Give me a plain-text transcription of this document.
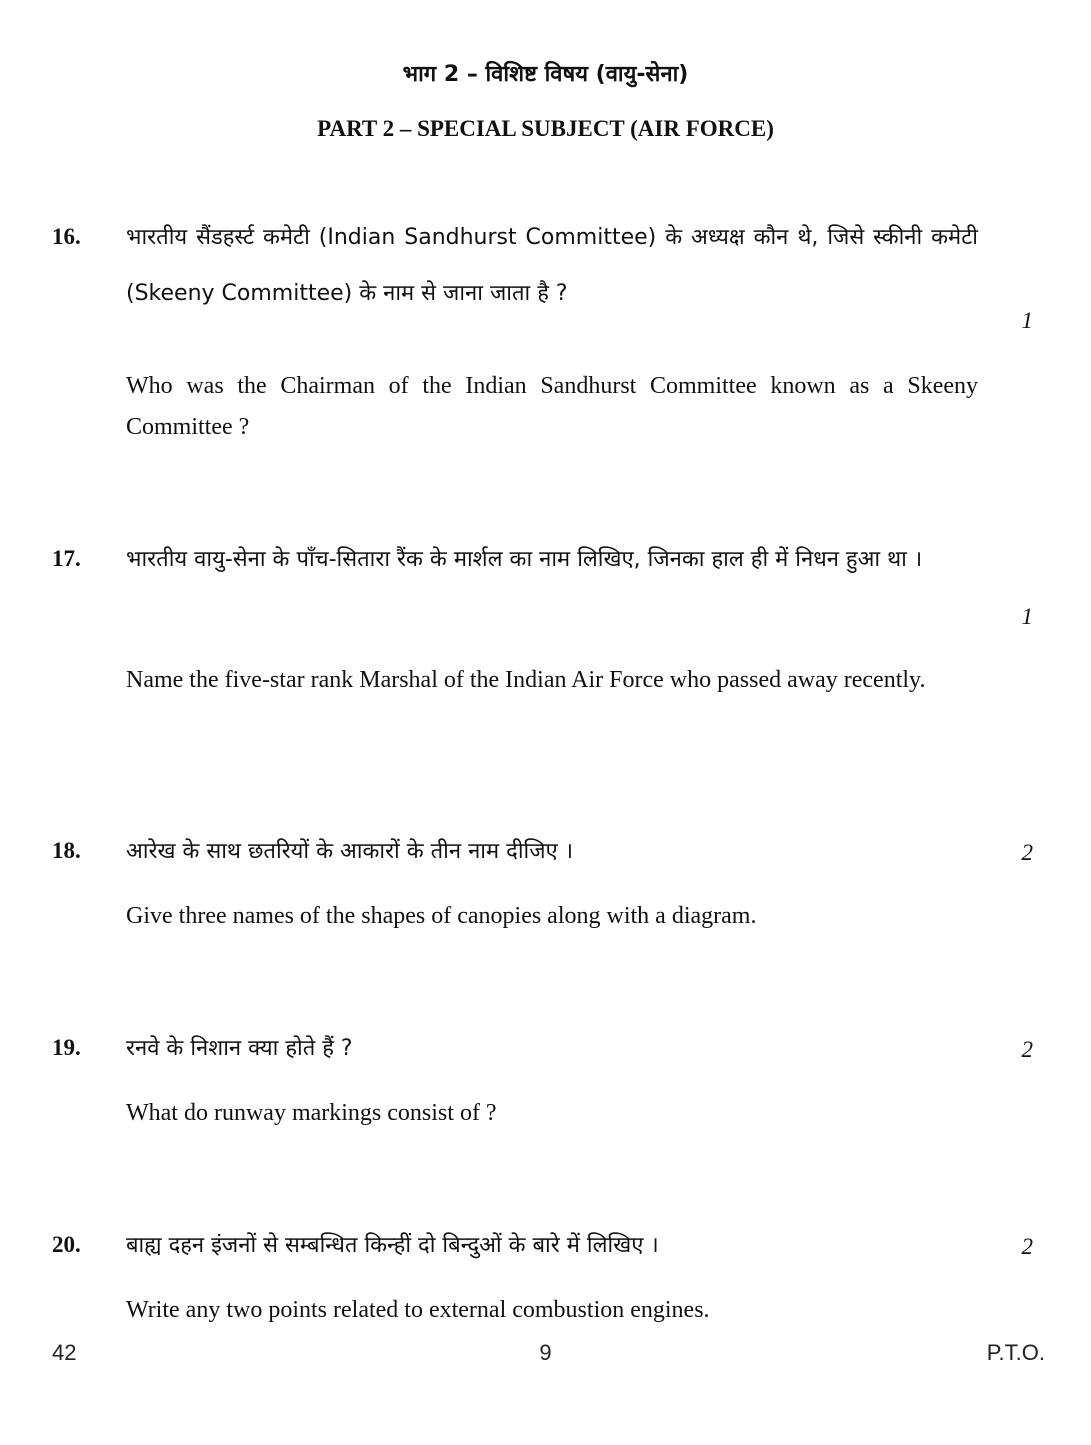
भाग 2 – विशिष्ट विषय (वायु-सेना)
PART 2 – SPECIAL SUBJECT (AIR FORCE)
16. भारतीय सैंडहर्स्ट कमेटी (Indian Sandhurst Committee) के अध्यक्ष कौन थे, जिसे स्कीनी कमेटी (Skeeny Committee) के नाम से जाना जाता है ?
1
Who was the Chairman of the Indian Sandhurst Committee known as a Skeeny Committee ?
17. भारतीय वायु-सेना के पाँच-सितारा रैंक के मार्शल का नाम लिखिए, जिनका हाल ही में निधन हुआ था ।
1
Name the five-star rank Marshal of the Indian Air Force who passed away recently.
18. आरेख के साथ छतरियों के आकारों के तीन नाम दीजिए ।	2
Give three names of the shapes of canopies along with a diagram.
19. रनवे के निशान क्या होते हैं ?	2
What do runway markings consist of ?
20. बाह्य दहन इंजनों से सम्बन्धित किन्हीं दो बिन्दुओं के बारे में लिखिए ।	2
Write any two points related to external combustion engines.
42	9	P.T.O.
